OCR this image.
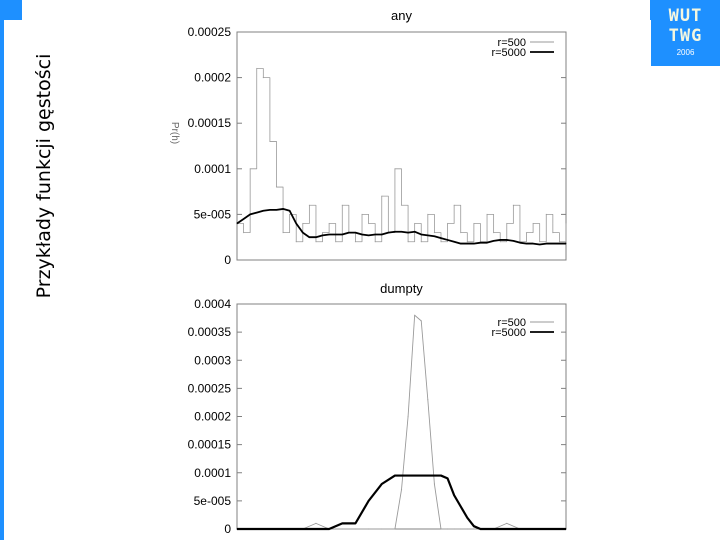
Przykłady funkcji gęstości
WUT
TWG
2006
any
Pr(h)
0
5e-005
0.0001
0.00015
0.0002
0.00025
r=500
r=5000
dumpty
0
5e-005
0.0001
0.00015
0.0002
0.00025
0.0003
0.00035
0.0004
r=500
r=5000
